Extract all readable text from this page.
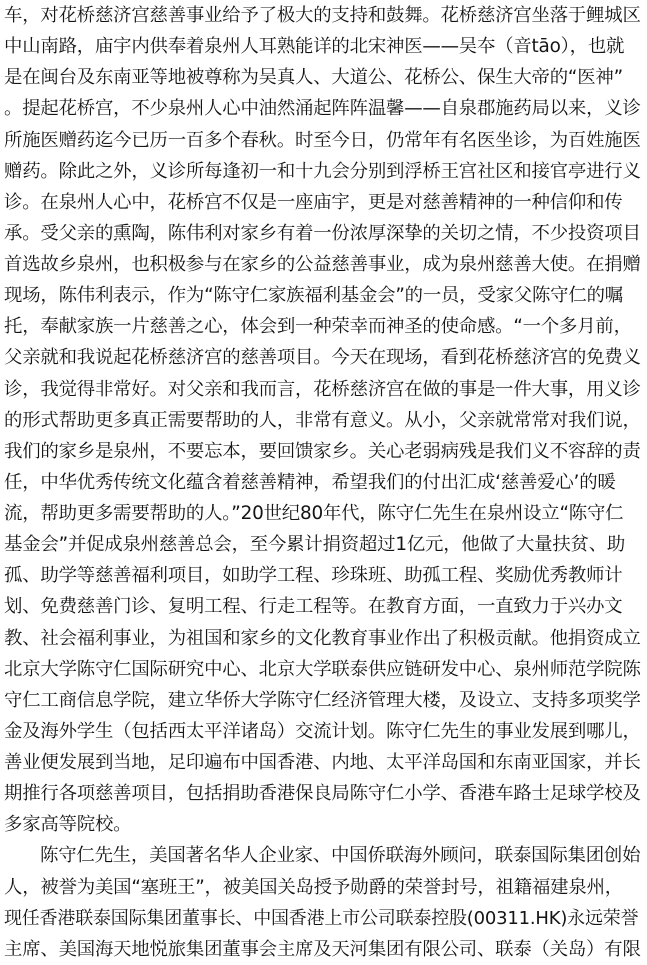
车，对花桥慈济宫慈善事业给予了极大的支持和鼓舞。花桥慈济宫坐落于鲤城区
中山南路，庙宇内供奉着泉州人耳熟能详的北宋神医——吴夲（音tāo），也就
是在闽台及东南亚等地被尊称为吴真人、大道公、花桥公、保生大帝的“医神”
。提起花桥宫，不少泉州人心中油然涌起阵阵温馨——自泉郡施药局以来，义诊
所施医赠药迄今已历一百多个春秋。时至今日，仍常年有名医坐诊，为百姓施医
赠药。除此之外，义诊所每逢初一和十九会分别到浮桥王宫社区和接官亭进行义
诊。在泉州人心中，花桥宫不仅是一座庙宇，更是对慈善精神的一种信仰和传
承。受父亲的熏陶，陈伟利对家乡有着一份浓厚深挚的关切之情，不少投资项目
首选故乡泉州，也积极参与在家乡的公益慈善事业，成为泉州慈善大使。在捐赠
现场，陈伟利表示，作为“陈守仁家族福利基金会”的一员，受家父陈守仁的嘱
托，奉献家族一片慈善之心，体会到一种荣幸而神圣的使命感。“一个多月前，
父亲就和我说起花桥慈济宫的慈善项目。今天在现场，看到花桥慈济宫的免费义
诊，我觉得非常好。对父亲和我而言，花桥慈济宫在做的事是一件大事，用义诊
的形式帮助更多真正需要帮助的人，非常有意义。从小，父亲就常常对我们说，
我们的家乡是泉州，不要忘本，要回馈家乡。关心老弱病残是我们义不容辞的责
任，中华优秀传统文化蕴含着慈善精神，希望我们的付出汇成‘慈善爱心’的暖
流，帮助更多需要帮助的人。”20世纪80年代，陈守仁先生在泉州设立“陈守仁
基金会”并促成泉州慈善总会，至今累计捐资超过1亿元，他做了大量扶贫、助
孤、助学等慈善福利项目，如助学工程、珍珠班、助孤工程、奖励优秀教师计
划、免费慈善门诊、复明工程、行走工程等。在教育方面，一直致力于兴办文
教、社会福利事业，为祖国和家乡的文化教育事业作出了积极贡献。他捐资成立
北京大学陈守仁国际研究中心、北京大学联泰供应链研发中心、泉州师范学院陈
守仁工商信息学院，建立华侨大学陈守仁经济管理大楼，及设立、支持多项奖学
金及海外学生（包括西太平洋诸岛）交流计划。陈守仁先生的事业发展到哪儿，
善业便发展到当地，足印遍布中国香港、内地、太平洋岛国和东南亚国家，并长
期推行各项慈善项目，包括捐助香港保良局陈守仁小学、香港车路士足球学校及
多家高等院校。
陈守仁先生，美国著名华人企业家、中国侨联海外顾问，联泰国际集团创始
人，被誉为美国“塞班王”，被美国关岛授予勋爵的荣誉封号，祖籍福建泉州，
现任香港联泰国际集团董事长、中国香港上市公司联泰控股(00311.HK)永远荣誉
主席、美国海天地悦旅集团董事会主席及天河集团有限公司、联泰（关岛）有限
